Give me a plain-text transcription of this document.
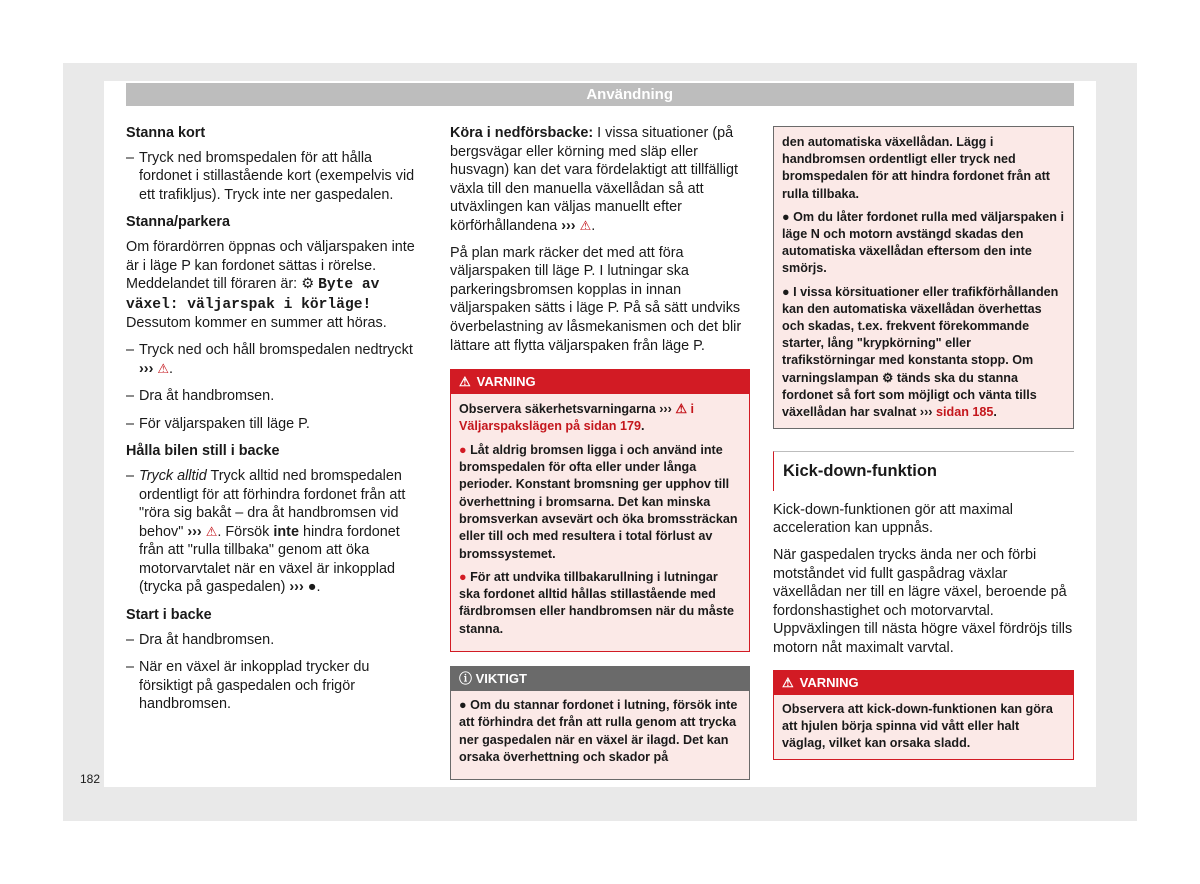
Användning
Stanna kort
– Tryck ned bromspedalen för att hålla fordonet i stillastående kort (exempelvis vid ett trafikljus). Tryck inte ner gaspedalen.
Stanna/parkera

Om förardörren öppnas och väljarspaken inte är i läge P kan fordonet sättas i rörelse. Meddelandet till föraren är: ⚙ Byte av växel: väljarspak i körläge! Dessutom kommer en summer att höras.

– Tryck ned och håll bromspedalen nedtryckt
››› ⚠.
– Dra åt handbromsen.
– För väljarspaken till läge P.
Hålla bilen still i backe
– Tryck alltid Tryck alltid ned bromspedalen ordentligt för att förhindra fordonet från att "röra sig bakåt – dra åt handbromsen vid behov" ››› ⚠. Försök inte hindra fordonet från att "rulla tillbaka" genom att öka motorvarvtalet när en växel är inkopplad (trycka på gaspedalen) ››› ●.
Start i backe
– Dra åt handbromsen.
– När en växel är inkopplad trycker du försiktigt på gaspedalen och frigör handbromsen.

Köra i nedförsbacke: I vissa situationer (på bergsvägar eller körning med släp eller husvagn) kan det vara fördelaktigt att tillfälligt växla till den manuella växellådan så att utväxlingen kan väljas manuellt efter körförhållandena ››› ⚠.

På plan mark räcker det med att föra väljarspaken till läge P. I lutningar ska parkeringsbromsen kopplas in innan väljarspaken sätts i läge P. På så sätt undviks överbelastning av låsmekanismen och det blir lättare att flytta väljarspaken från läge P.

⚠ VARNING

Observera säkerhetsvarningarna ››› ⚠ i Väljarspakslägen på sidan 179.

● Låt aldrig bromsen ligga i och använd inte bromspedalen för ofta eller under långa perioder. Konstant bromsning ger upphov till överhettning i bromsarna. Det kan minska bromsverkan avsevärt och öka bromssträckan eller till och med resultera i total förlust av bromssystemet.

● För att undvika tillbakarullning i lutningar ska fordonet alltid hållas stillastående med färdbromsen eller handbromsen när du måste stanna.

ⓘ VIKTIGT

● Om du stannar fordonet i lutning, försök inte att förhindra det från att rulla genom att trycka ner gaspedalen när en växel är ilagd. Det kan orsaka överhettning och skador på

den automatiska växellådan. Lägg i handbromsen ordentligt eller tryck ned bromspedalen för att hindra fordonet från att rulla tillbaka.

● Om du låter fordonet rulla med väljarspaken i läge N och motorn avstängd skadas den automatiska växellådan eftersom den inte smörjs.

● I vissa körsituationer eller trafikförhållanden kan den automatiska växellådan överhettas och skadas, t.ex. frekvent förekommande starter, lång "krypkörning" eller trafikstörningar med konstanta stopp. Om varningslampan ⚙ tänds ska du stanna fordonet så fort som möjligt och vänta tills växellådan har svalnat ››› sidan 185.

Kick-down-funktion

Kick-down-funktionen gör att maximal acceleration kan uppnås.

När gaspedalen trycks ända ner och förbi motståndet vid fullt gaspådrag växlar växellådan ner till en lägre växel, beroende på fordonshastighet och motorvarvtal. Uppväxlingen till nästa högre växel fördröjs tills motorn nåt maximalt varvtal.

⚠ VARNING

Observera att kick-down-funktionen kan göra att hjulen börja spinna vid vått eller halt väglag, vilket kan orsaka sladd.

182
